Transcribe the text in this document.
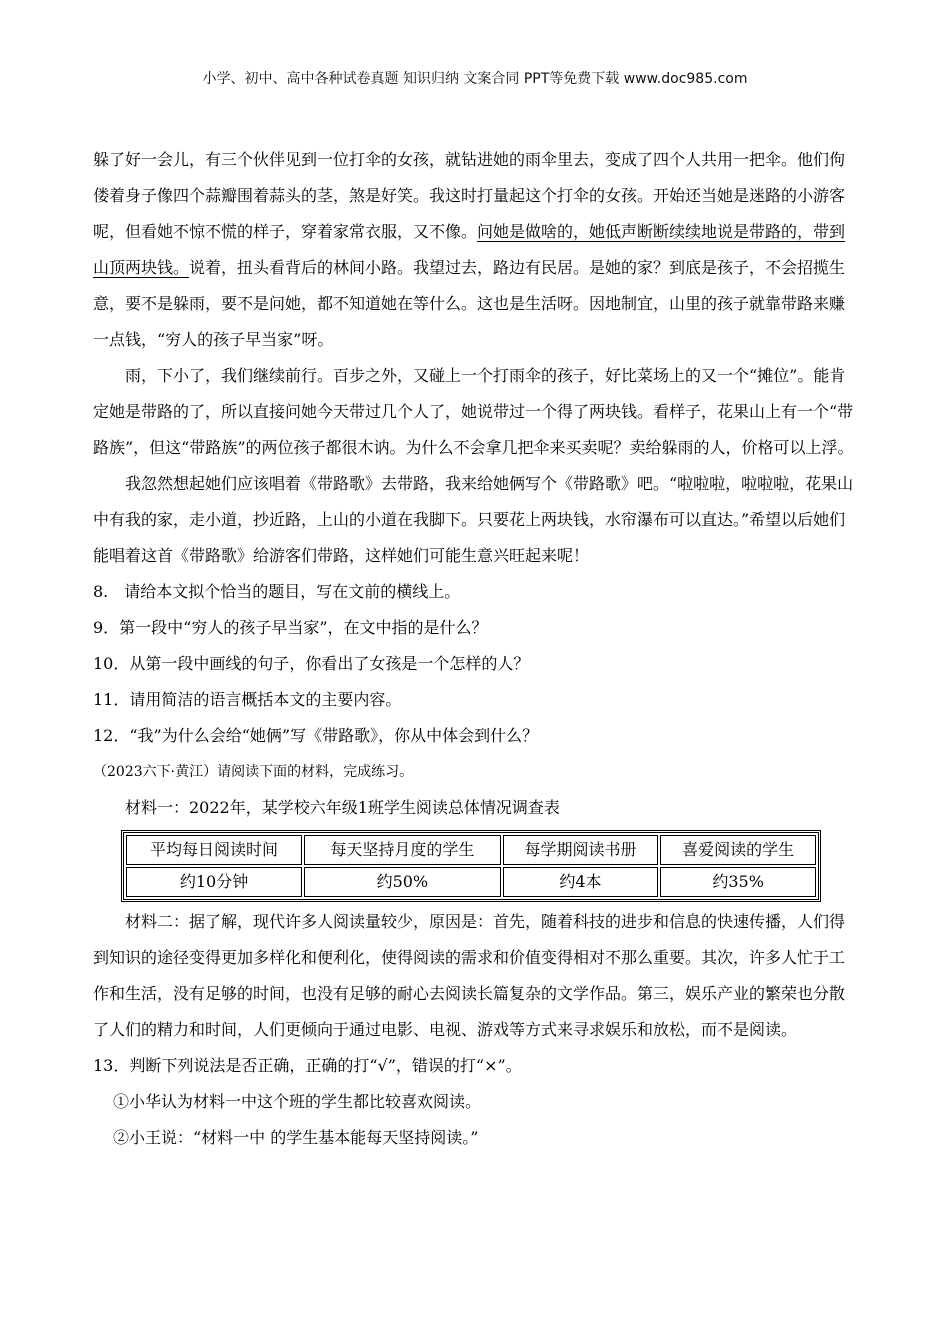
小学、初中、高中各种试卷真题 知识归纳 文案合同 PPT等免费下载 www.doc985.com

躲了好一会儿，有三个伙伴见到一位打伞的女孩，就钻进她的雨伞里去，变成了四个人共用一把伞。他们佝偻着身子像四个蒜瓣围着蒜头的茎，煞是好笑。我这时打量起这个打伞的女孩。开始还当她是迷路的小游客呢，但看她不惊不慌的样子，穿着家常衣服，又不像。问她是做啥的，她低声断断续续地说是带路的，带到山顶两块钱。说着，扭头看背后的林间小路。我望过去，路边有民居。是她的家？到底是孩子，不会招揽生意，要不是躲雨，要不是问她，都不知道她在等什么。这也是生活呀。因地制宜，山里的孩子就靠带路来赚一点钱，“穷人的孩子早当家”呀。

雨，下小了，我们继续前行。百步之外，又碰上一个打雨伞的孩子，好比菜场上的又一个“摊位”。能肯定她是带路的了，所以直接问她今天带过几个人了，她说带过一个得了两块钱。看样子，花果山上有一个“带路族”，但这“带路族”的两位孩子都很木讷。为什么不会拿几把伞来买卖呢？卖给躲雨的人，价格可以上浮。

我忽然想起她们应该唱着《带路歌》去带路，我来给她俩写个《带路歌》吧。“啦啦啦，啦啦啦，花果山中有我的家，走小道，抄近路，上山的小道在我脚下。只要花上两块钱，水帘瀑布可以直达。”希望以后她们能唱着这首《带路歌》给游客们带路，这样她们可能生意兴旺起来呢！

8.　请给本文拟个恰当的题目，写在文前的横线上。

9．第一段中“穷人的孩子早当家”，在文中指的是什么？

10．从第一段中画线的句子，你看出了女孩是一个怎样的人？

11．请用简洁的语言概括本文的主要内容。

12．“我”为什么会给“她俩”写《带路歌》，你从中体会到什么？

（2023六下·黄江）请阅读下面的材料，完成练习。

材料一：2022年，某学校六年级1班学生阅读总体情况调查表

平均每日阅读时间	每天坚持月度的学生	每学期阅读书册	喜爱阅读的学生
约10分钟	约50%	约4本	约35%

材料二：据了解，现代许多人阅读量较少，原因是：首先，随着科技的进步和信息的快速传播，人们得到知识的途径变得更加多样化和便利化，使得阅读的需求和价值变得相对不那么重要。其次，许多人忙于工作和生活，没有足够的时间，也没有足够的耐心去阅读长篇复杂的文学作品。第三，娱乐产业的繁荣也分散了人们的精力和时间，人们更倾向于通过电影、电视、游戏等方式来寻求娱乐和放松，而不是阅读。

13．判断下列说法是否正确，正确的打“√”，错误的打“×”。

①小华认为材料一中这个班的学生都比较喜欢阅读。

②小王说：“材料一中 的学生基本能每天坚持阅读。”
